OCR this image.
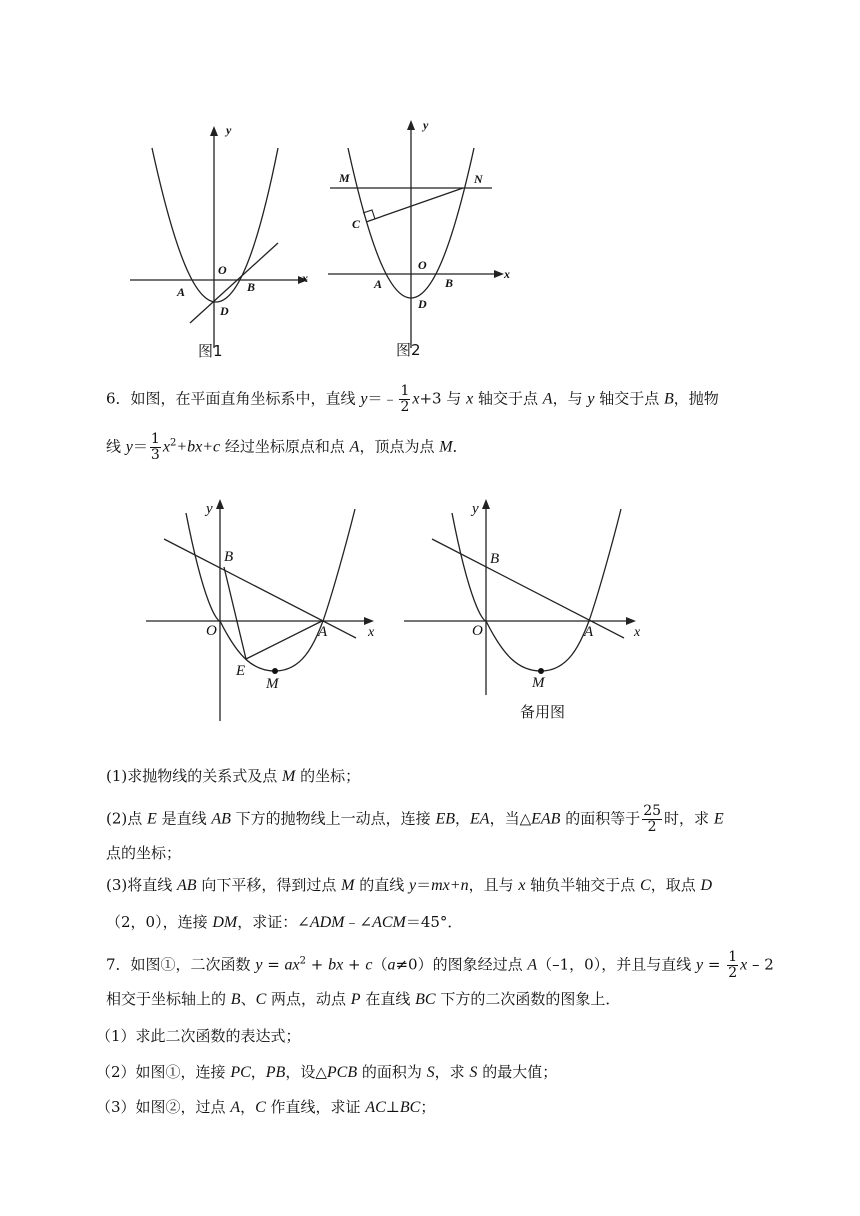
y
x
O
A	B
D
图1
y
x
O
A	B
D
M	N
C
图2
6．如图，在平面直角坐标系中，直线 y＝﹣ $\frac{1}{2} x+3$ 与 x 轴交于点 A，与 y 轴交于点 B，抛物
线 $y= \frac{1}{3} x^2+bx+c$ 经过坐标原点和点 A，顶点为点 M．
y
x
O	A
B
E
M
y
x
O	A
B
M
备用图
(1)求抛物线的关系式及点 M 的坐标；
(2)点 E 是直线 AB 下方的抛物线上一动点，连接 EB，EA，当△EAB 的面积等于 $\frac{25}{2}$ 时，求 E
点的坐标；
(3)将直线 AB 向下平移，得到过点 M 的直线 y＝mx+n，且与 x 轴负半轴交于点 C，取点 D
（2，0），连接 DM，求证：∠ADM﹣∠ACM＝45°．
7．如图①，二次函数 $y = ax^2$ + bx + c（a≠0）的图象经过点 A（–1，0），并且与直线 $y = \frac{1}{2}$ x – 2
相交于坐标轴上的 B、C 两点，动点 P 在直线 BC 下方的二次函数的图象上．
（1）求此二次函数的表达式；
（2）如图①，连接 PC，PB，设△PCB 的面积为 S，求 S 的最大值；
（3）如图②，过点 A，C 作直线，求证 AC⊥BC；
